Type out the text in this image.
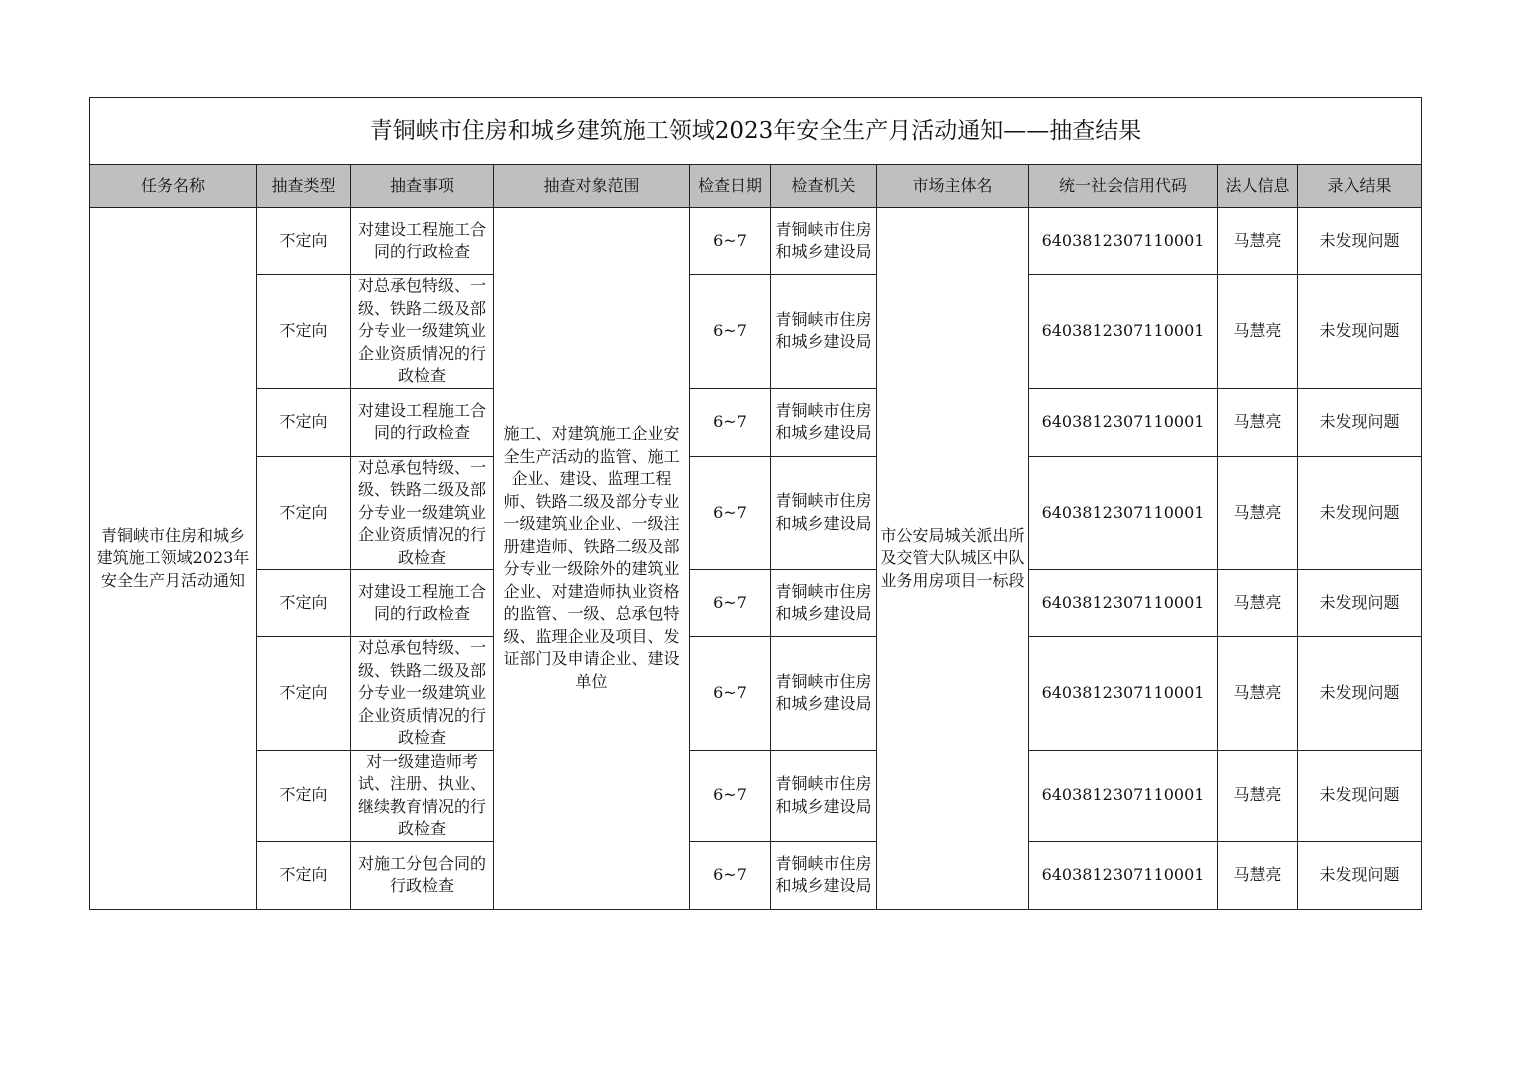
青铜峡市住房和城乡建筑施工领域2023年安全生产月活动通知——抽查结果									
任务名称	抽查类型	抽查事项	抽查对象范围	检查日期	检查机关	市场主体名	统一社会信用代码	法人信息	录入结果
青铜峡市住房和城乡建筑施工领域2023年安全生产月活动通知	不定向	对建设工程施工合同的行政检查	施工、对建筑施工企业安全生产活动的监管、施工企业、建设、监理工程师、铁路二级及部分专业一级建筑业企业、一级注册建造师、铁路二级及部分专业一级除外的建筑业企业、对建造师执业资格的监管、一级、总承包特级、监理企业及项目、发证部门及申请企业、建设单位	6~7	青铜峡市住房和城乡建设局	市公安局城关派出所及交管大队城区中队业务用房项目一标段	6403812307110001	马慧亮	未发现问题
	不定向	对总承包特级、一级、铁路二级及部分专业一级建筑业企业资质情况的行政检查		6~7	青铜峡市住房和城乡建设局		6403812307110001	马慧亮	未发现问题
	不定向	对建设工程施工合同的行政检查		6~7	青铜峡市住房和城乡建设局		6403812307110001	马慧亮	未发现问题
	不定向	对总承包特级、一级、铁路二级及部分专业一级建筑业企业资质情况的行政检查		6~7	青铜峡市住房和城乡建设局		6403812307110001	马慧亮	未发现问题
	不定向	对建设工程施工合同的行政检查		6~7	青铜峡市住房和城乡建设局		6403812307110001	马慧亮	未发现问题
	不定向	对总承包特级、一级、铁路二级及部分专业一级建筑业企业资质情况的行政检查		6~7	青铜峡市住房和城乡建设局		6403812307110001	马慧亮	未发现问题
	不定向	对一级建造师考试、注册、执业、继续教育情况的行政检查		6~7	青铜峡市住房和城乡建设局		6403812307110001	马慧亮	未发现问题
	不定向	对施工分包合同的行政检查		6~7	青铜峡市住房和城乡建设局		6403812307110001	马慧亮	未发现问题
